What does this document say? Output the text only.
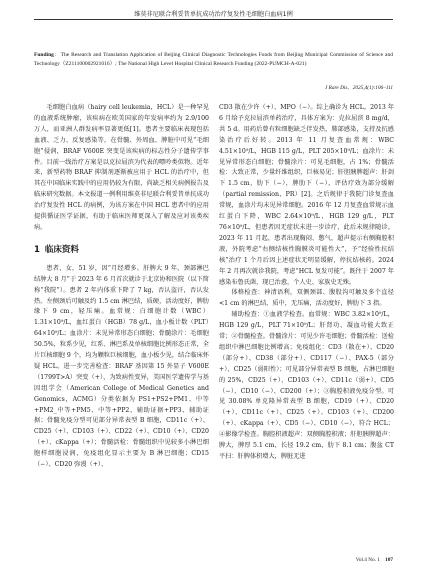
维莫非尼联合利妥昔单抗成功治疗复发性毛细胞白血病1例
Funding：The Research and Translation Application of Beijing Clinical Diagnostic Technologies Funds from Beijing Municipal Commission of Science and Technology（Z211100002921016）; The National High Level Hospital Clinical Research Funding (2022-PUMCH-A-021)
J Rare Dis，2025,4(1):106–111

毛细胞白血病（hairy cell leukemia，HCL）是一种罕见的血液系统肿瘤，该疾病在欧美国家的年发病率约为 2.9/100 万人，而亚洲人群发病率显著更低[1]。患者主要临床表现包括血液、乏力、反复感染等，在骨髓、外周血、脾脏中可见“毛细胞”侵润，BRAF V600E 突变是该疾病的标志性分子遗传学事件。目前一线治疗方案是以克拉屈滨为代表的嘌呤类似物。近年来，新型药物 BRAF 抑制剂逐渐被应用于 HCL 的治疗中，但其在中国临床实践中的应用仍较为有限，尚缺乏相关病例报告及临床研究数据。本文报道一例利用维莫非尼联合利妥昔单抗成功治疗复发性 HCL 的病例，为该方案在中国 HCL 患者中的应用提供循证医学证据，有助于临床医师更深入了解及应对该类疾病。

1 临床资料

患者，女，51 岁，因“月经增多、肝脾大 9 年，颈部淋巴结肿大 8 月”于 2023 年 6 月首次就诊于北京协和医院（以下简称“我院”）。患者 2 年内体重下降了 7 kg，否认盗汗，否认发热。左侧颈后可触及约 1.5 cm 淋巴结，质硬，活动度好，脾肋缘下 9 cm，轻压痛。血常规：白细胞计数（WBC）1.31×10⁹/L，血红蛋白（HGB）78 g/L，血小板计数（PLT）64×10⁹/L；血涂片：未见异常形态白细胞；骨髓涂片：毛细胞 50.5%，粒系少见，红系、淋巴系及单核细胞比例形态正常，全片巨核细胞 9 个，均为颗粒巨核细胞，血小板少见，结合临床怀疑 HCL。进一步完善检查：BRAF 基因第 15 外显子 V600E（1799T>A）突变（+），为致病性变异，美国医学遗传学与基因组学会（American College of Medical Genetics and Genomics，ACMG）分类依据为 PS1+PS2+PM1、中等+PM2_中等+PM5、中等+PP2、辅助证据+PP3、辅助证据；骨髓免疫分型可见部分异常表型 B 细胞，CD11c（+）、CD25（+）、CD103（+）、CD22（+）、CD10（+）、CD20（+）、cKappa（+）；骨髓活检：骨髓组织中见较多小淋巴细胞样细胞浸润，免疫组化显示主要为 B 淋巴细胞；CD15（−）、CD20 弥漫（+）、

CD3 散在少许（+）、MPO（−）。综上确诊为 HCL。2013 年 6 月给予克拉屈滨单药治疗，具体方案为：克拉屈滨 8 mg/d，共 5 d。用药后曾有粒细胞缺乏伴发热，肺部感染，支持及抗感染治疗后好转。2013 年 11 月复查血常规：WBC 4.51×10⁹/L，HGB 115 g/L，PLT 205×10⁹/L；血涂片：未见异常形态白细胞；骨髓涂片：可见毛细胞，占 1%；骨髓活检：大致正常，少量纤维组织，巨核易见；肝胆胰脾超声：肝剑下 1.5 cm，肋下（−），脾肋下（−），评估疗效为部分缓解（partial remission，PR）[2]。之后规律于我院门诊复查血常规，血涂片均未见异常细胞。2016 年 12 月复查血常规示血红蛋白下降，WBC 2.64×10⁹/L，HGB 129 g/L，PLT 76×10⁹/L，但患者因无症状未进一步诊疗，此后未规律随诊。2023 年 11 月起，患者出现胸闷、憋气，超声提示右侧胸腔积液，外院考虑“右侧结核性胸膜炎可能性大”，予“经验性抗结核”治疗 1 个月后因上述症状无明显缓解，停抗结核药。2024 年 2 月再次就诊我院，考虑“HCL 复发可能”。既往于 2007 年感染布鲁氏菌，现已治愈，个人史、家族史无殊。

体格检查：神清语利，双侧颈部、腹股沟可触及多个直径<1 cm 的淋巴结，质中，无压痛，活动度好，脾肋下 3 指。

辅助检查：①血液学检查。血常规：WBC 3.82×10⁹/L，HGB 129 g/L，PLT 71×10⁹/L；肝肾功、凝血功能大致正常；②骨髓检查。骨髓涂片：可见少许毛细胞；骨髓活检：送检组织中淋巴细胞比例增高；免疫组化：CD3（散在+）、CD20（部分+）、CD38（部分+）、CD117（−）、PAX-5（部分+）、CD25（弱阳性）；可见部分异常表型 B 细胞，占淋巴细胞的 25%，CD25（+）、CD103（+）、CD11c（弱+）、CD5（−）、CD10（−）、CD200（+）；③胸腔积液免疫分型。可见 30.08% 单克隆异常表型 B 细胞，CD19（+）、CD20（+）、CD11c（+）、CD25（+）、CD103（+）、CD200（+）、cKappa（+）、CD5（−）、CD10（−），符合 HCL；④影像学检查。胸腔积液超声：双侧胸腔积液；肝胆胰脾超声：脾大，脾厚 5.1 cm，长径 19.2 cm，肋下 8.1 cm；腹盆 CT 平扫：肝脾体积增大，脾脏无进

Vol.4 No. 1 107
